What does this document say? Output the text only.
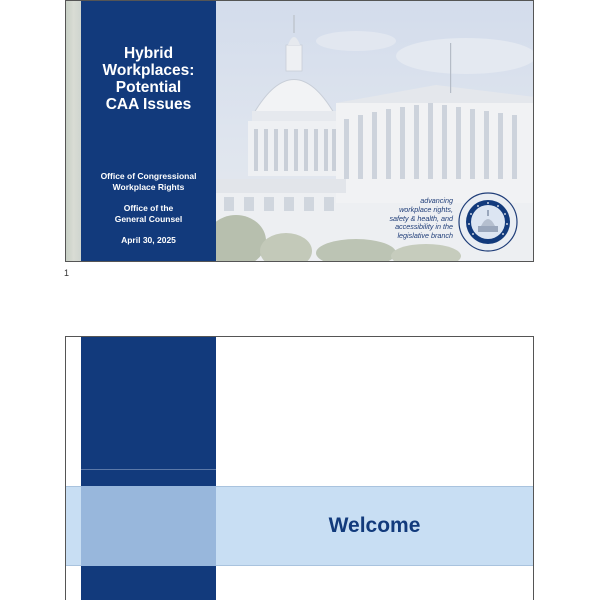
Hybrid
Workplaces:
Potential
CAA Issues
Office of Congressional
Workplace Rights
Office of the
General Counsel
April 30, 2025
advancing
workplace rights,
safety & health, and
accessibility in the
legislative branch
1
Welcome
